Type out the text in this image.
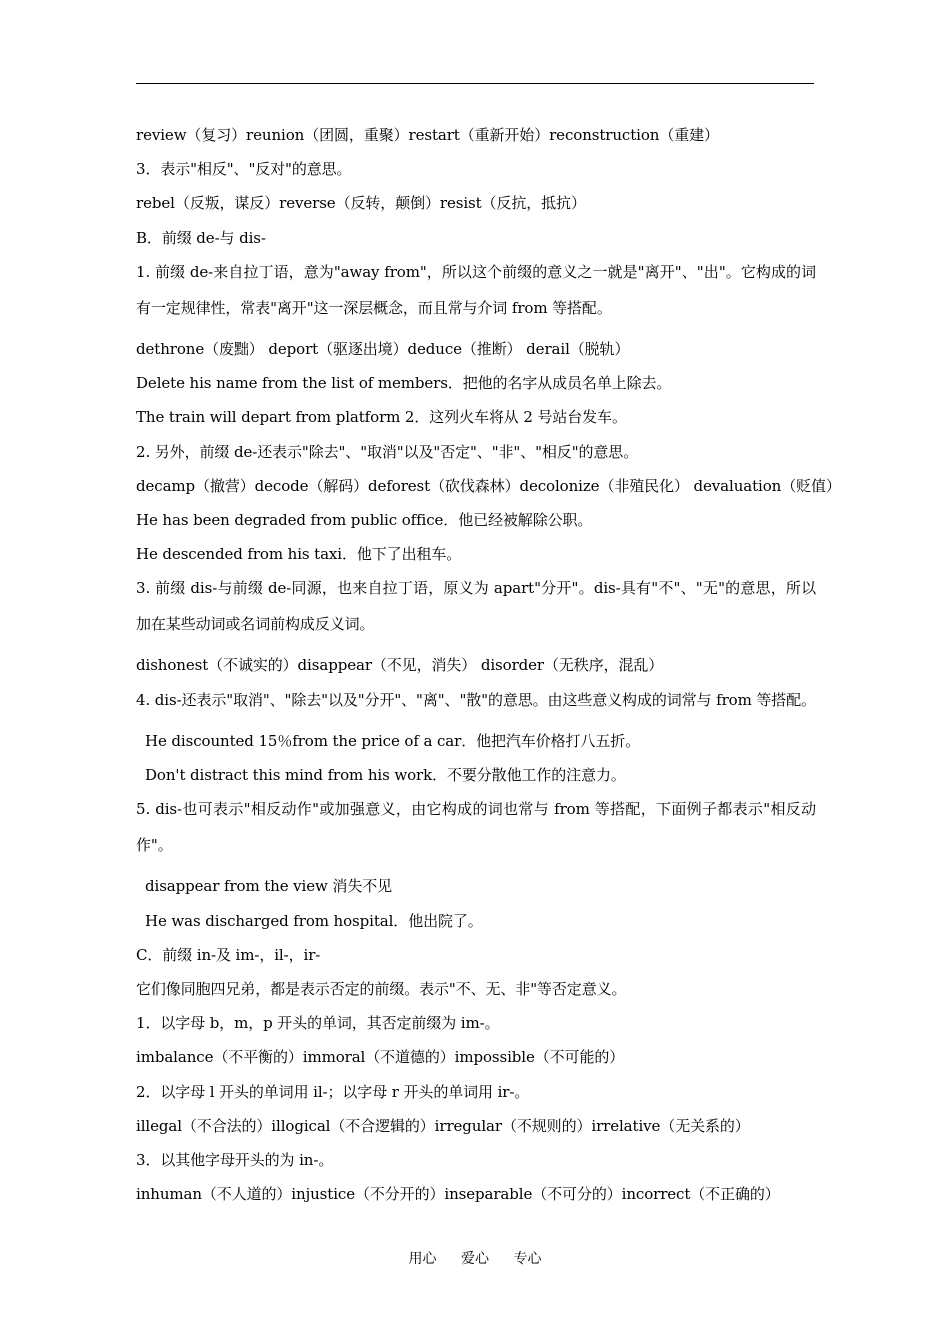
review（复习）reunion（团圆，重聚）restart（重新开始）reconstruction（重建）
3．表示"相反"、"反对"的意思。
rebel（反叛，谋反）reverse（反转，颠倒）resist（反抗，抵抗）
B．前缀 de-与 dis-
1. 前缀 de-来自拉丁语，意为"away from"，所以这个前缀的意义之一就是"离开"、"出"。它构成的词有一定规律性，常表"离开"这一深层概念，而且常与介词 from 等搭配。
dethrone（废黜） deport（驱逐出境）deduce（推断） derail（脱轨）
Delete his name from the list of members．把他的名字从成员名单上除去。
The train will depart from platform 2．这列火车将从 2 号站台发车。
2. 另外，前缀 de-还表示"除去"、"取消"以及"否定"、"非"、"相反"的意思。
decamp（撤营）decode（解码）deforest（砍伐森林）decolonize（非殖民化） devaluation（贬值）
He has been degraded from public office．他已经被解除公职。
He descended from his taxi．他下了出租车。
3. 前缀 dis-与前缀 de-同源，也来自拉丁语，原义为 apart"分开"。dis-具有"不"、"无"的意思，所以加在某些动词或名词前构成反义词。
dishonest（不诚实的）disappear（不见，消失） disorder（无秩序，混乱）
4. dis-还表示"取消"、"除去"以及"分开"、"离"、"散"的意思。由这些意义构成的词常与 from 等搭配。
He discounted 15％from the price of a car．他把汽车价格打八五折。
Don't distract this mind from his work．不要分散他工作的注意力。
5. dis-也可表示"相反动作"或加强意义，由它构成的词也常与 from 等搭配，下面例子都表示"相反动作"。
disappear from the view 消失不见
He was discharged from hospital．他出院了。
C．前缀 in-及 im-，il-，ir-
它们像同胞四兄弟，都是表示否定的前缀。表示"不、无、非"等否定意义。
1．以字母 b，m，p 开头的单词，其否定前缀为 im-。
imbalance（不平衡的）immoral（不道德的）impossible（不可能的）
2．以字母 l 开头的单词用 il-；以字母 r 开头的单词用 ir-。
illegal（不合法的）illogical（不合逻辑的）irregular（不规则的）irrelative（无关系的）
3．以其他字母开头的为 in-。
inhuman（不人道的）injustice（不分开的）inseparable（不可分的）incorrect（不正确的）
用心 爱心 专心
